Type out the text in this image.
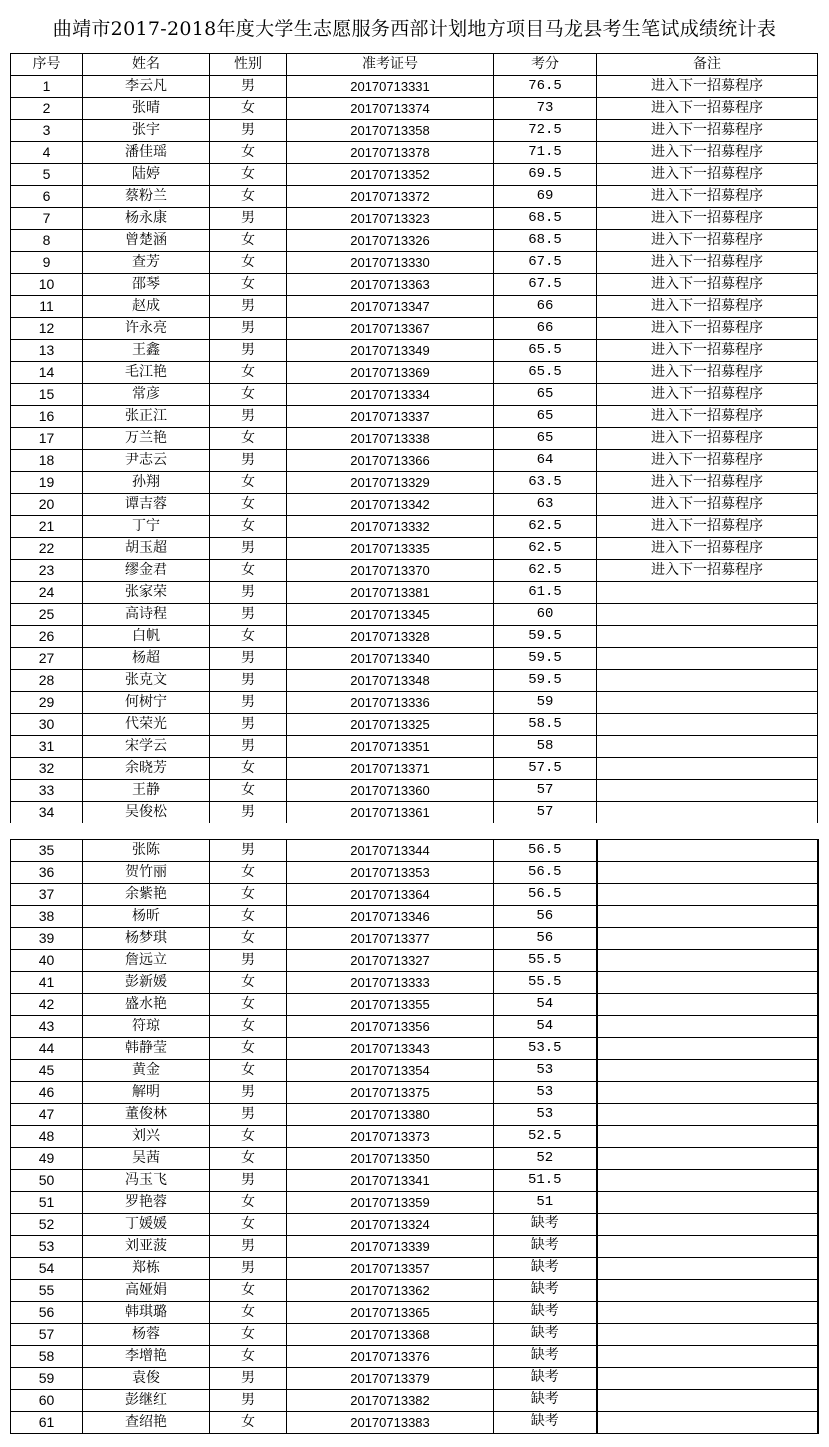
曲靖市2017-2018年度大学生志愿服务西部计划地方项目马龙县考生笔试成绩统计表
序号	姓名	性别	准考证号	考分	备注
1	李云凡	男	20170713331	76.5	进入下一招募程序
2	张晴	女	20170713374	73	进入下一招募程序
3	张宇	男	20170713358	72.5	进入下一招募程序
4	潘佳瑶	女	20170713378	71.5	进入下一招募程序
5	陆婷	女	20170713352	69.5	进入下一招募程序
6	蔡粉兰	女	20170713372	69	进入下一招募程序
7	杨永康	男	20170713323	68.5	进入下一招募程序
8	曾楚涵	女	20170713326	68.5	进入下一招募程序
9	查芳	女	20170713330	67.5	进入下一招募程序
10	邵琴	女	20170713363	67.5	进入下一招募程序
11	赵成	男	20170713347	66	进入下一招募程序
12	许永亮	男	20170713367	66	进入下一招募程序
13	王鑫	男	20170713349	65.5	进入下一招募程序
14	毛江艳	女	20170713369	65.5	进入下一招募程序
15	常彦	女	20170713334	65	进入下一招募程序
16	张正江	男	20170713337	65	进入下一招募程序
17	万兰艳	女	20170713338	65	进入下一招募程序
18	尹志云	男	20170713366	64	进入下一招募程序
19	孙翔	女	20170713329	63.5	进入下一招募程序
20	谭吉蓉	女	20170713342	63	进入下一招募程序
21	丁宁	女	20170713332	62.5	进入下一招募程序
22	胡玉超	男	20170713335	62.5	进入下一招募程序
23	缪金君	女	20170713370	62.5	进入下一招募程序
24	张家荣	男	20170713381	61.5	
25	高诗程	男	20170713345	60	
26	白帆	女	20170713328	59.5	
27	杨超	男	20170713340	59.5	
28	张克文	男	20170713348	59.5	
29	何树宁	男	20170713336	59	
30	代荣光	男	20170713325	58.5	
31	宋学云	男	20170713351	58	
32	余晓芳	女	20170713371	57.5	
33	王静	女	20170713360	57	
34	吴俊松	男	20170713361	57	
35	张陈	男	20170713344	56.5	
36	贺竹丽	女	20170713353	56.5	
37	余紫艳	女	20170713364	56.5	
38	杨昕	女	20170713346	56	
39	杨梦琪	女	20170713377	56	
40	詹远立	男	20170713327	55.5	
41	彭新媛	女	20170713333	55.5	
42	盛水艳	女	20170713355	54	
43	符琼	女	20170713356	54	
44	韩静莹	女	20170713343	53.5	
45	黄金	女	20170713354	53	
46	解明	男	20170713375	53	
47	董俊林	男	20170713380	53	
48	刘兴	女	20170713373	52.5	
49	吴茜	女	20170713350	52	
50	冯玉飞	男	20170713341	51.5	
51	罗艳蓉	女	20170713359	51	
52	丁媛媛	女	20170713324	缺考	
53	刘亚菠	男	20170713339	缺考	
54	郑栋	男	20170713357	缺考	
55	高娅娟	女	20170713362	缺考	
56	韩琪璐	女	20170713365	缺考	
57	杨蓉	女	20170713368	缺考	
58	李增艳	女	20170713376	缺考	
59	袁俊	男	20170713379	缺考	
60	彭继红	男	20170713382	缺考	
61	查绍艳	女	20170713383	缺考	
